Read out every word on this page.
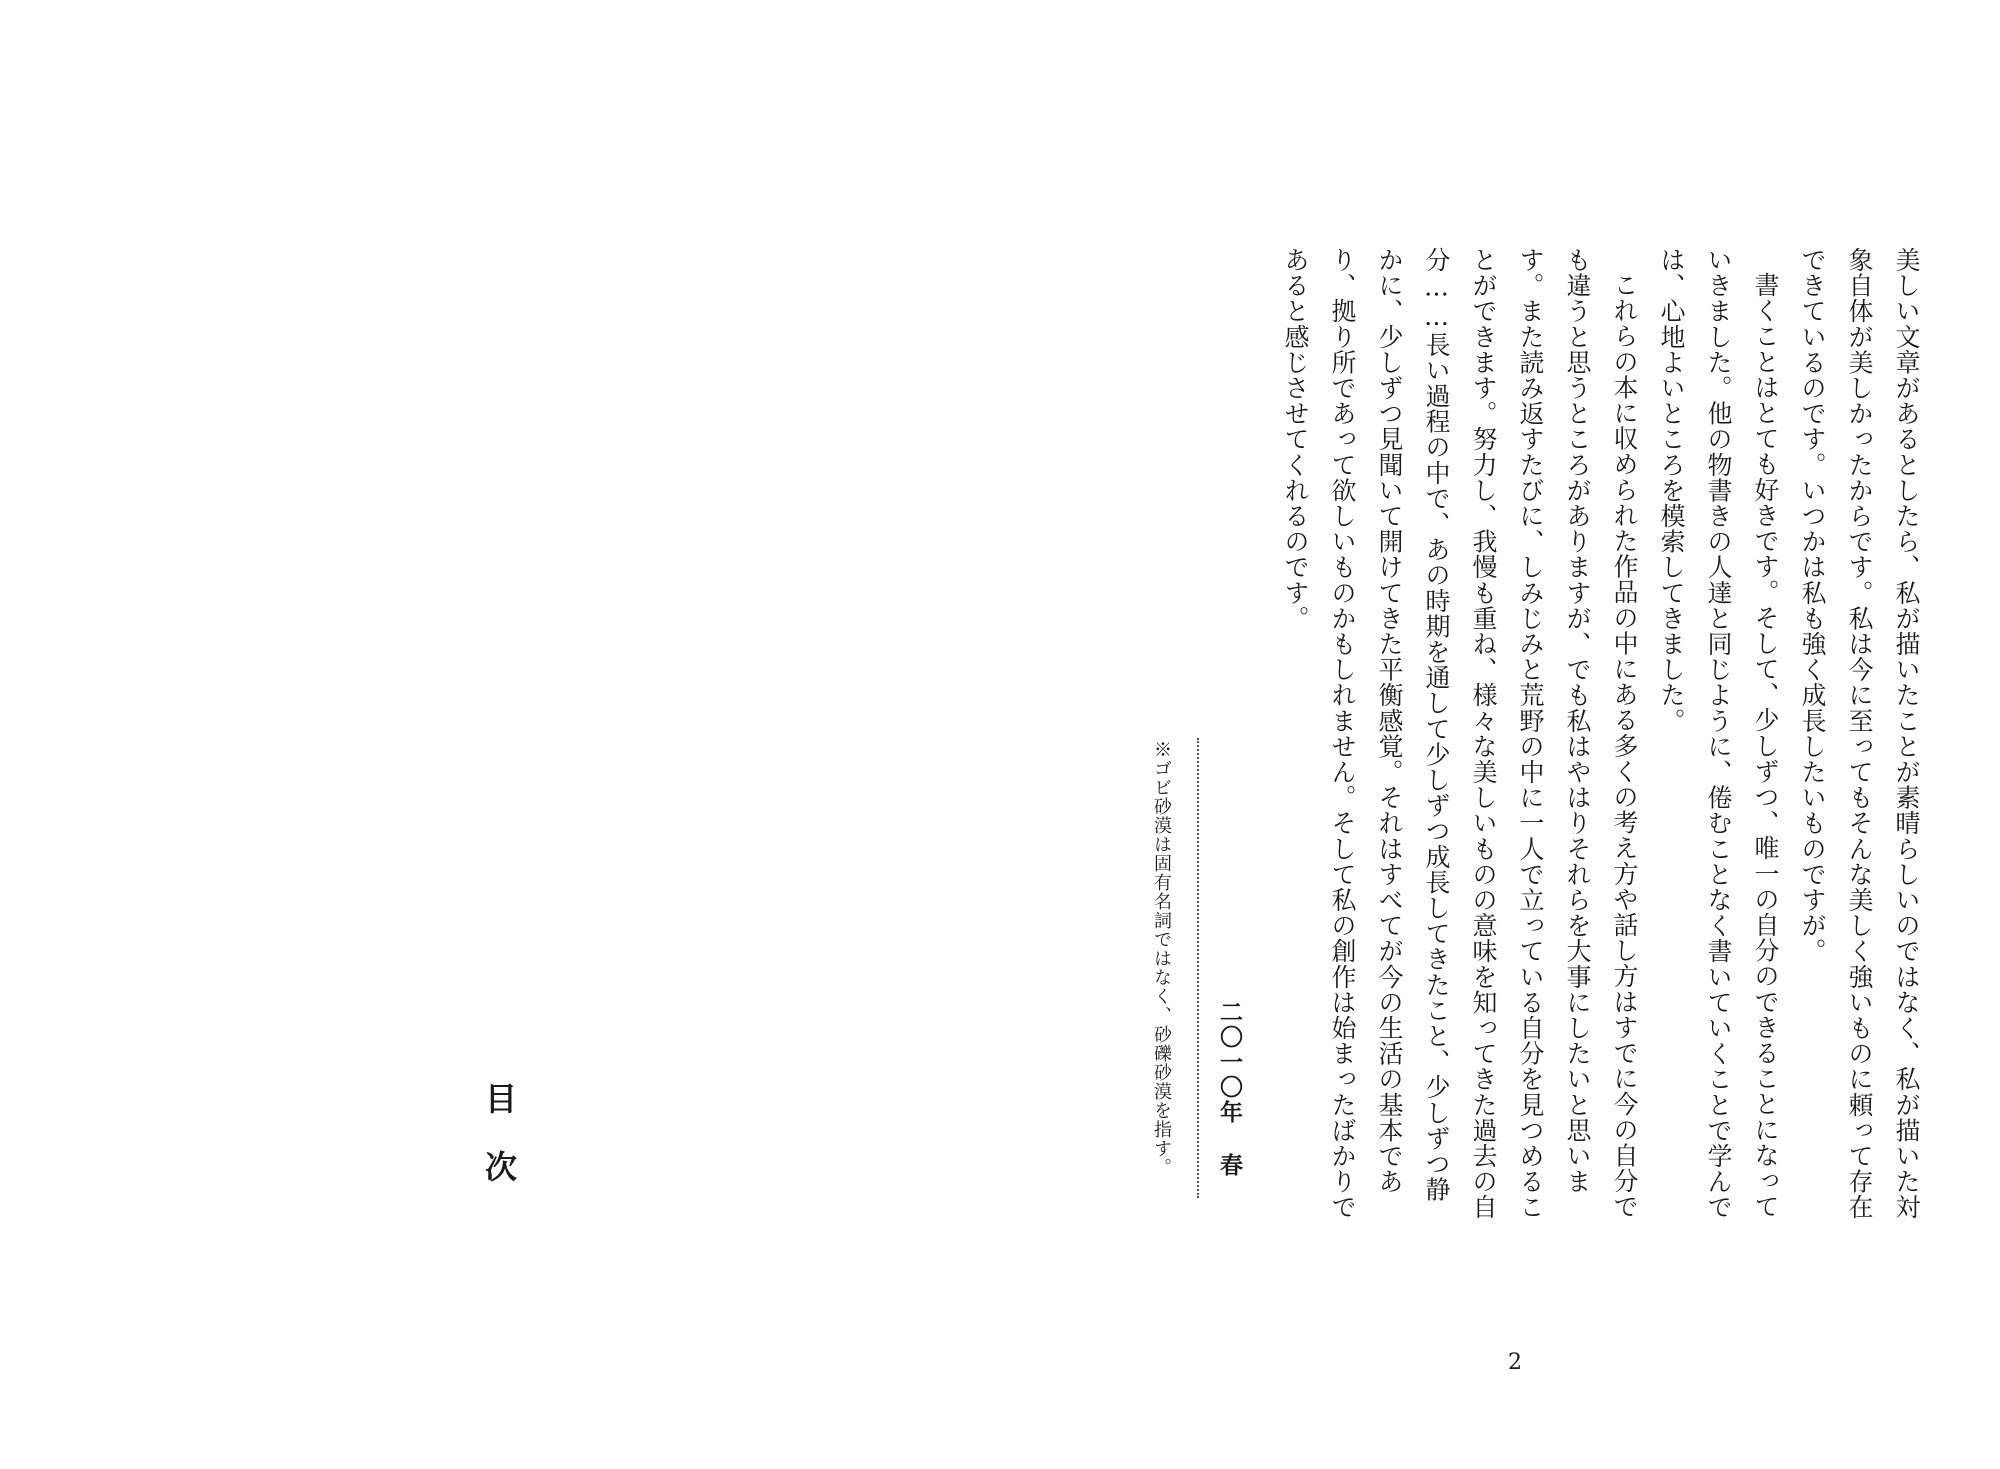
美しい文章があるとしたら、私が描いたことが素晴らしいのではなく、私が描いた対象自体が美しかったからです。私は今に至ってもそんな美しく強いものに頼って存在できているのです。いつかは私も強く成長したいものですが。

書くことはとても好きです。そして、少しずつ、唯一の自分のできることになっていきました。他の物書きの人達と同じように、倦むことなく書いていくことで学んでは、心地よいところを模索してきました。

これらの本に収められた作品の中にある多くの考え方や話し方はすでに今の自分でも違うと思うところがありますが、でも私はやはりそれらを大事にしたいと思います。また読み返すたびに、しみじみと荒野の中に一人で立っている自分を見つめることができます。努力し、我慢も重ね、様々な美しいものの意味を知ってきた過去の自分……長い過程の中で、あの時期を通して少しずつ成長してきたこと、少しずつ静かに、少しずつ見聞いて開けてきた平衡感覚。それはすべてが今の生活の基本であり、拠り所であって欲しいものかもしれません。そして私の創作は始まったばかりであると感じさせてくれるのです。

二〇一〇年春
※ゴビ砂漠は固有名詞ではなく、砂礫砂漠を指す。
2
目次
